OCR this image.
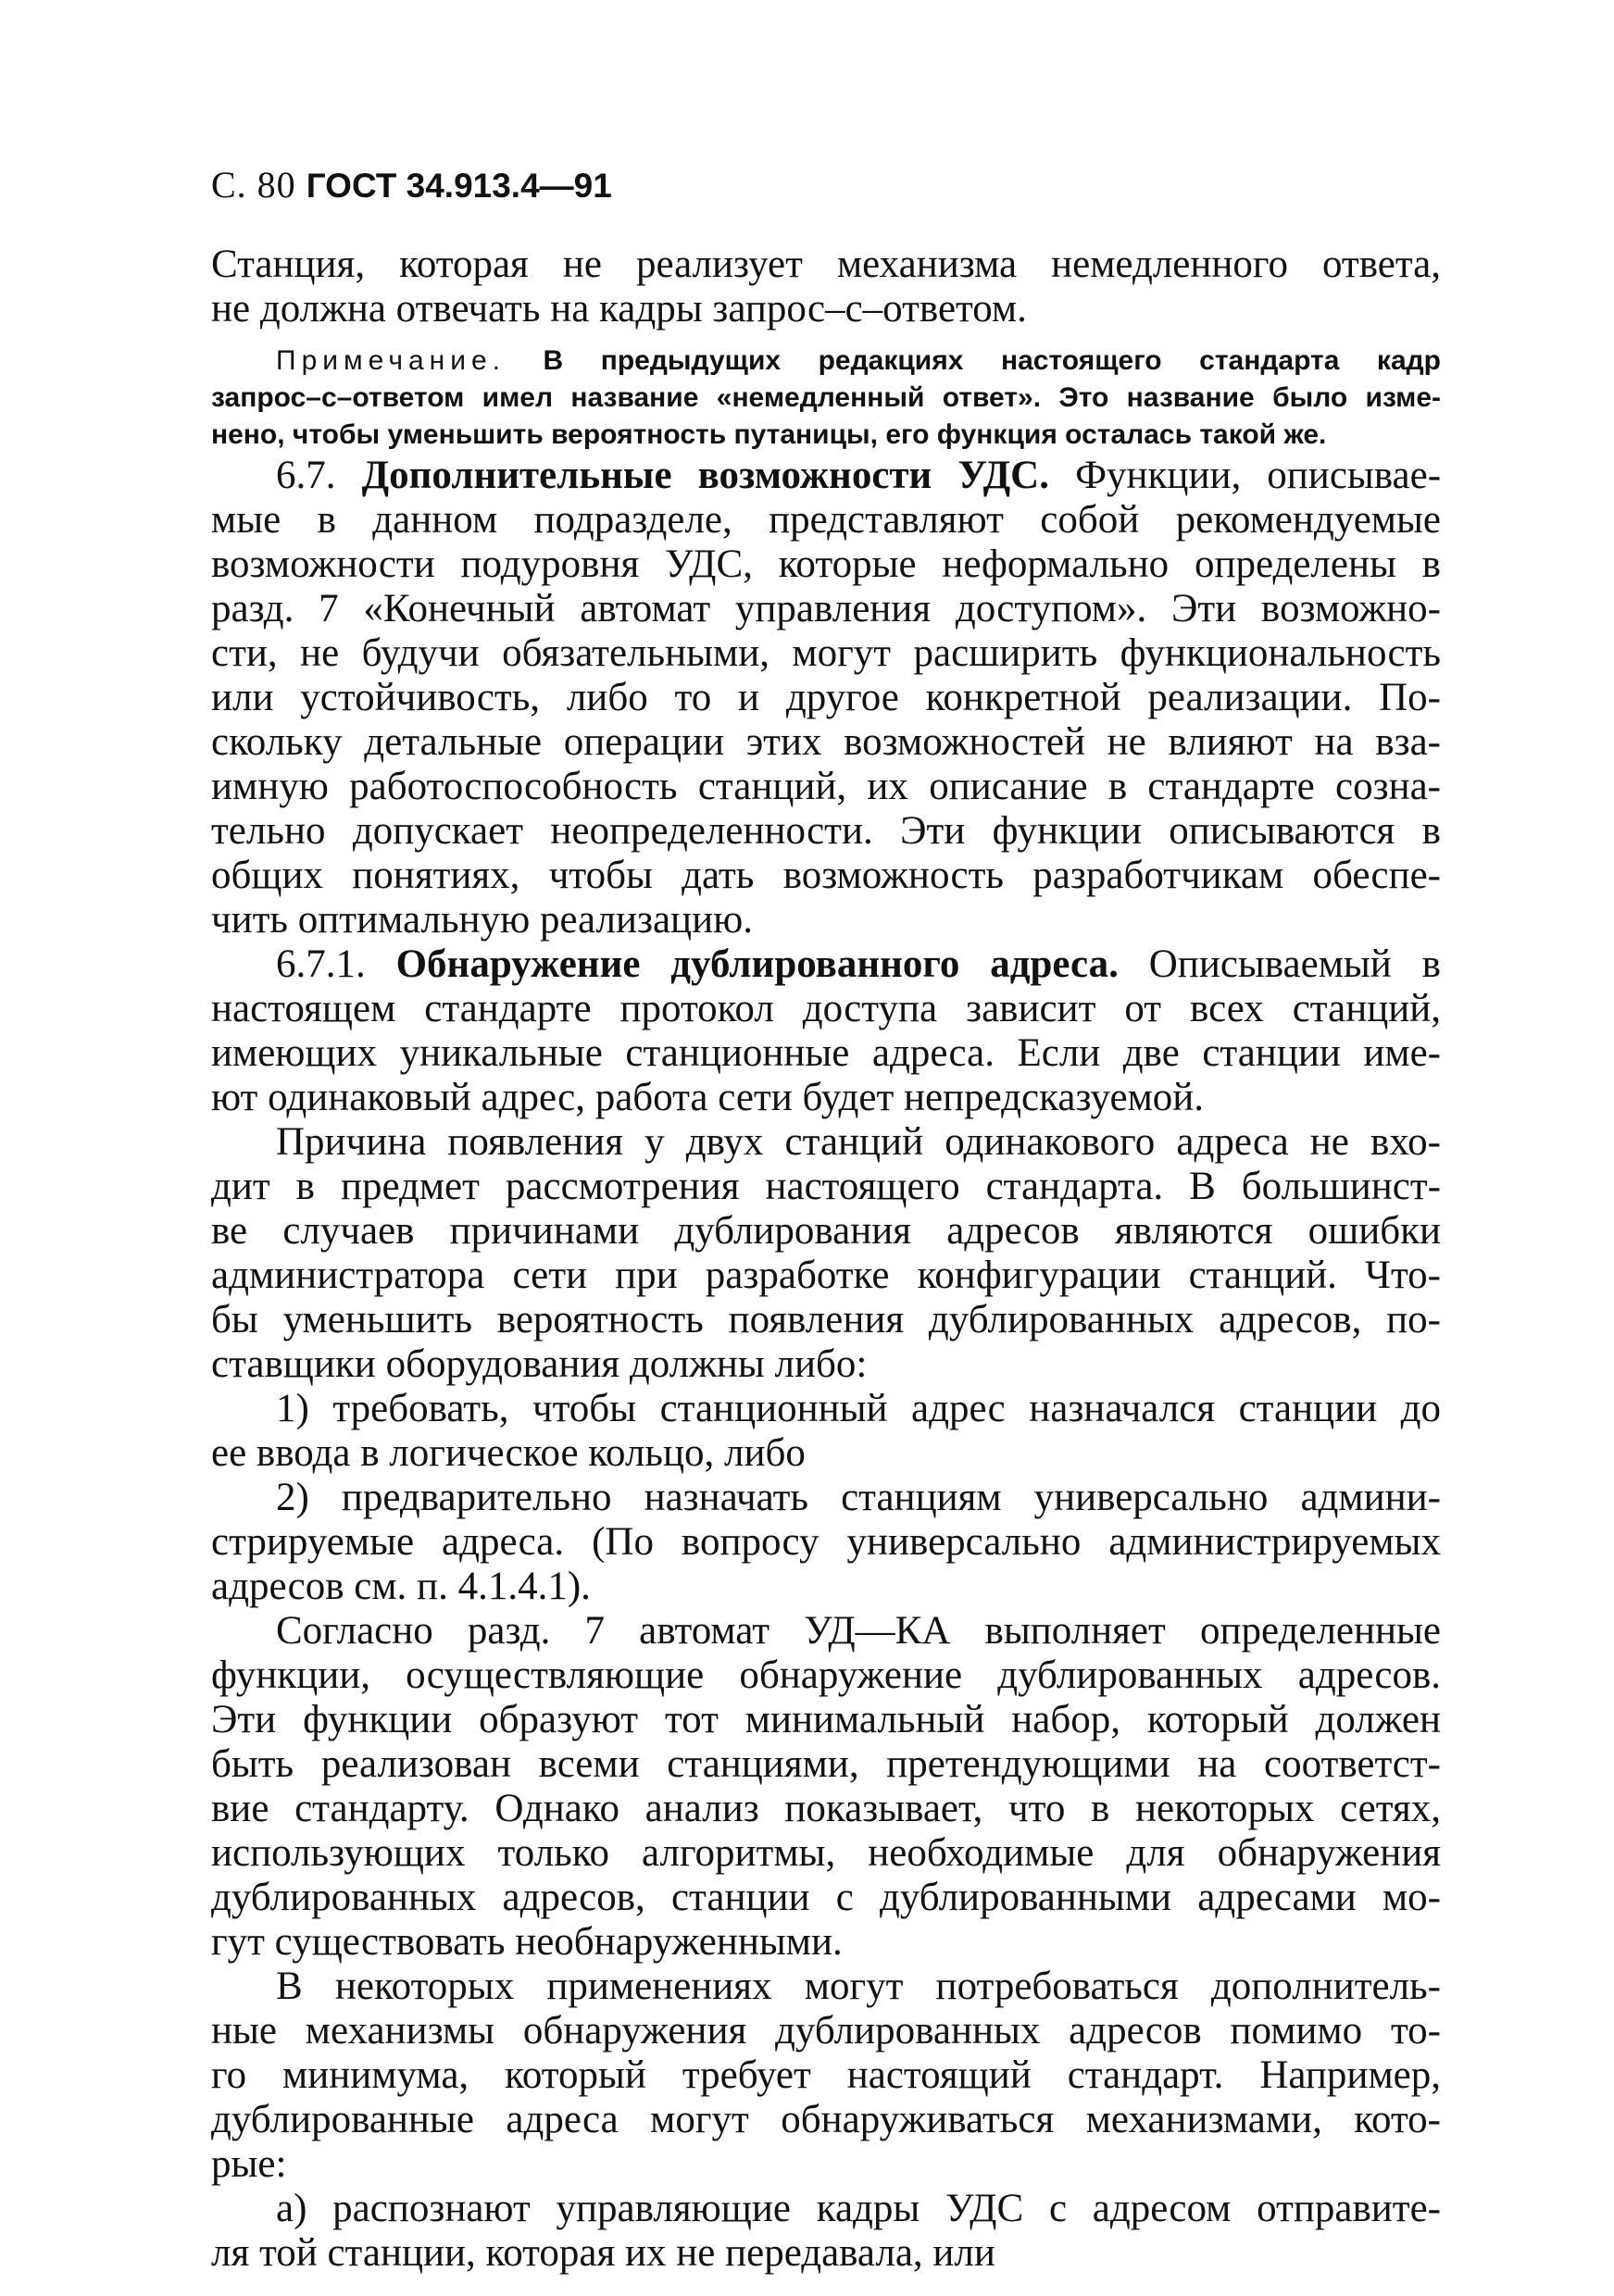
С. 80 ГОСТ 34.913.4—91
Станция, которая не реализует механизма немедленного ответа,
не должна отвечать на кадры запрос–с–ответом.
Примечание. В предыдущих редакциях настоящего стандарта кадр
запрос–с–ответом имел название «немедленный ответ». Это название было изме-
нено, чтобы уменьшить вероятность путаницы, его функция осталась такой же.
6.7. Дополнительные возможности УДС. Функции, описывае-
мые в данном подразделе, представляют собой рекомендуемые
возможности подуровня УДС, которые неформально определены в
разд. 7 «Конечный автомат управления доступом». Эти возможно-
сти, не будучи обязательными, могут расширить функциональность
или устойчивость, либо то и другое конкретной реализации. По-
скольку детальные операции этих возможностей не влияют на вза-
имную работоспособность станций, их описание в стандарте созна-
тельно допускает неопределенности. Эти функции описываются в
общих понятиях, чтобы дать возможность разработчикам обеспе-
чить оптимальную реализацию.
6.7.1. Обнаружение дублированного адреса. Описываемый в
настоящем стандарте протокол доступа зависит от всех станций,
имеющих уникальные станционные адреса. Если две станции име-
ют одинаковый адрес, работа сети будет непредсказуемой.
Причина появления у двух станций одинакового адреса не вхо-
дит в предмет рассмотрения настоящего стандарта. В большинст-
ве случаев причинами дублирования адресов являются ошибки
администратора сети при разработке конфигурации станций. Что-
бы уменьшить вероятность появления дублированных адресов, по-
ставщики оборудования должны либо:
1) требовать, чтобы станционный адрес назначался станции до
ее ввода в логическое кольцо, либо
2) предварительно назначать станциям универсально админи-
стрируемые адреса. (По вопросу универсально администрируемых
адресов см. п. 4.1.4.1).
Согласно разд. 7 автомат УД—КА выполняет определенные
функции, осуществляющие обнаружение дублированных адресов.
Эти функции образуют тот минимальный набор, который должен
быть реализован всеми станциями, претендующими на соответст-
вие стандарту. Однако анализ показывает, что в некоторых сетях,
использующих только алгоритмы, необходимые для обнаружения
дублированных адресов, станции с дублированными адресами мо-
гут существовать необнаруженными.
В некоторых применениях могут потребоваться дополнитель-
ные механизмы обнаружения дублированных адресов помимо то-
го минимума, который требует настоящий стандарт. Например,
дублированные адреса могут обнаруживаться механизмами, кото-
рые:
а) распознают управляющие кадры УДС с адресом отправите-
ля той станции, которая их не передавала, или
